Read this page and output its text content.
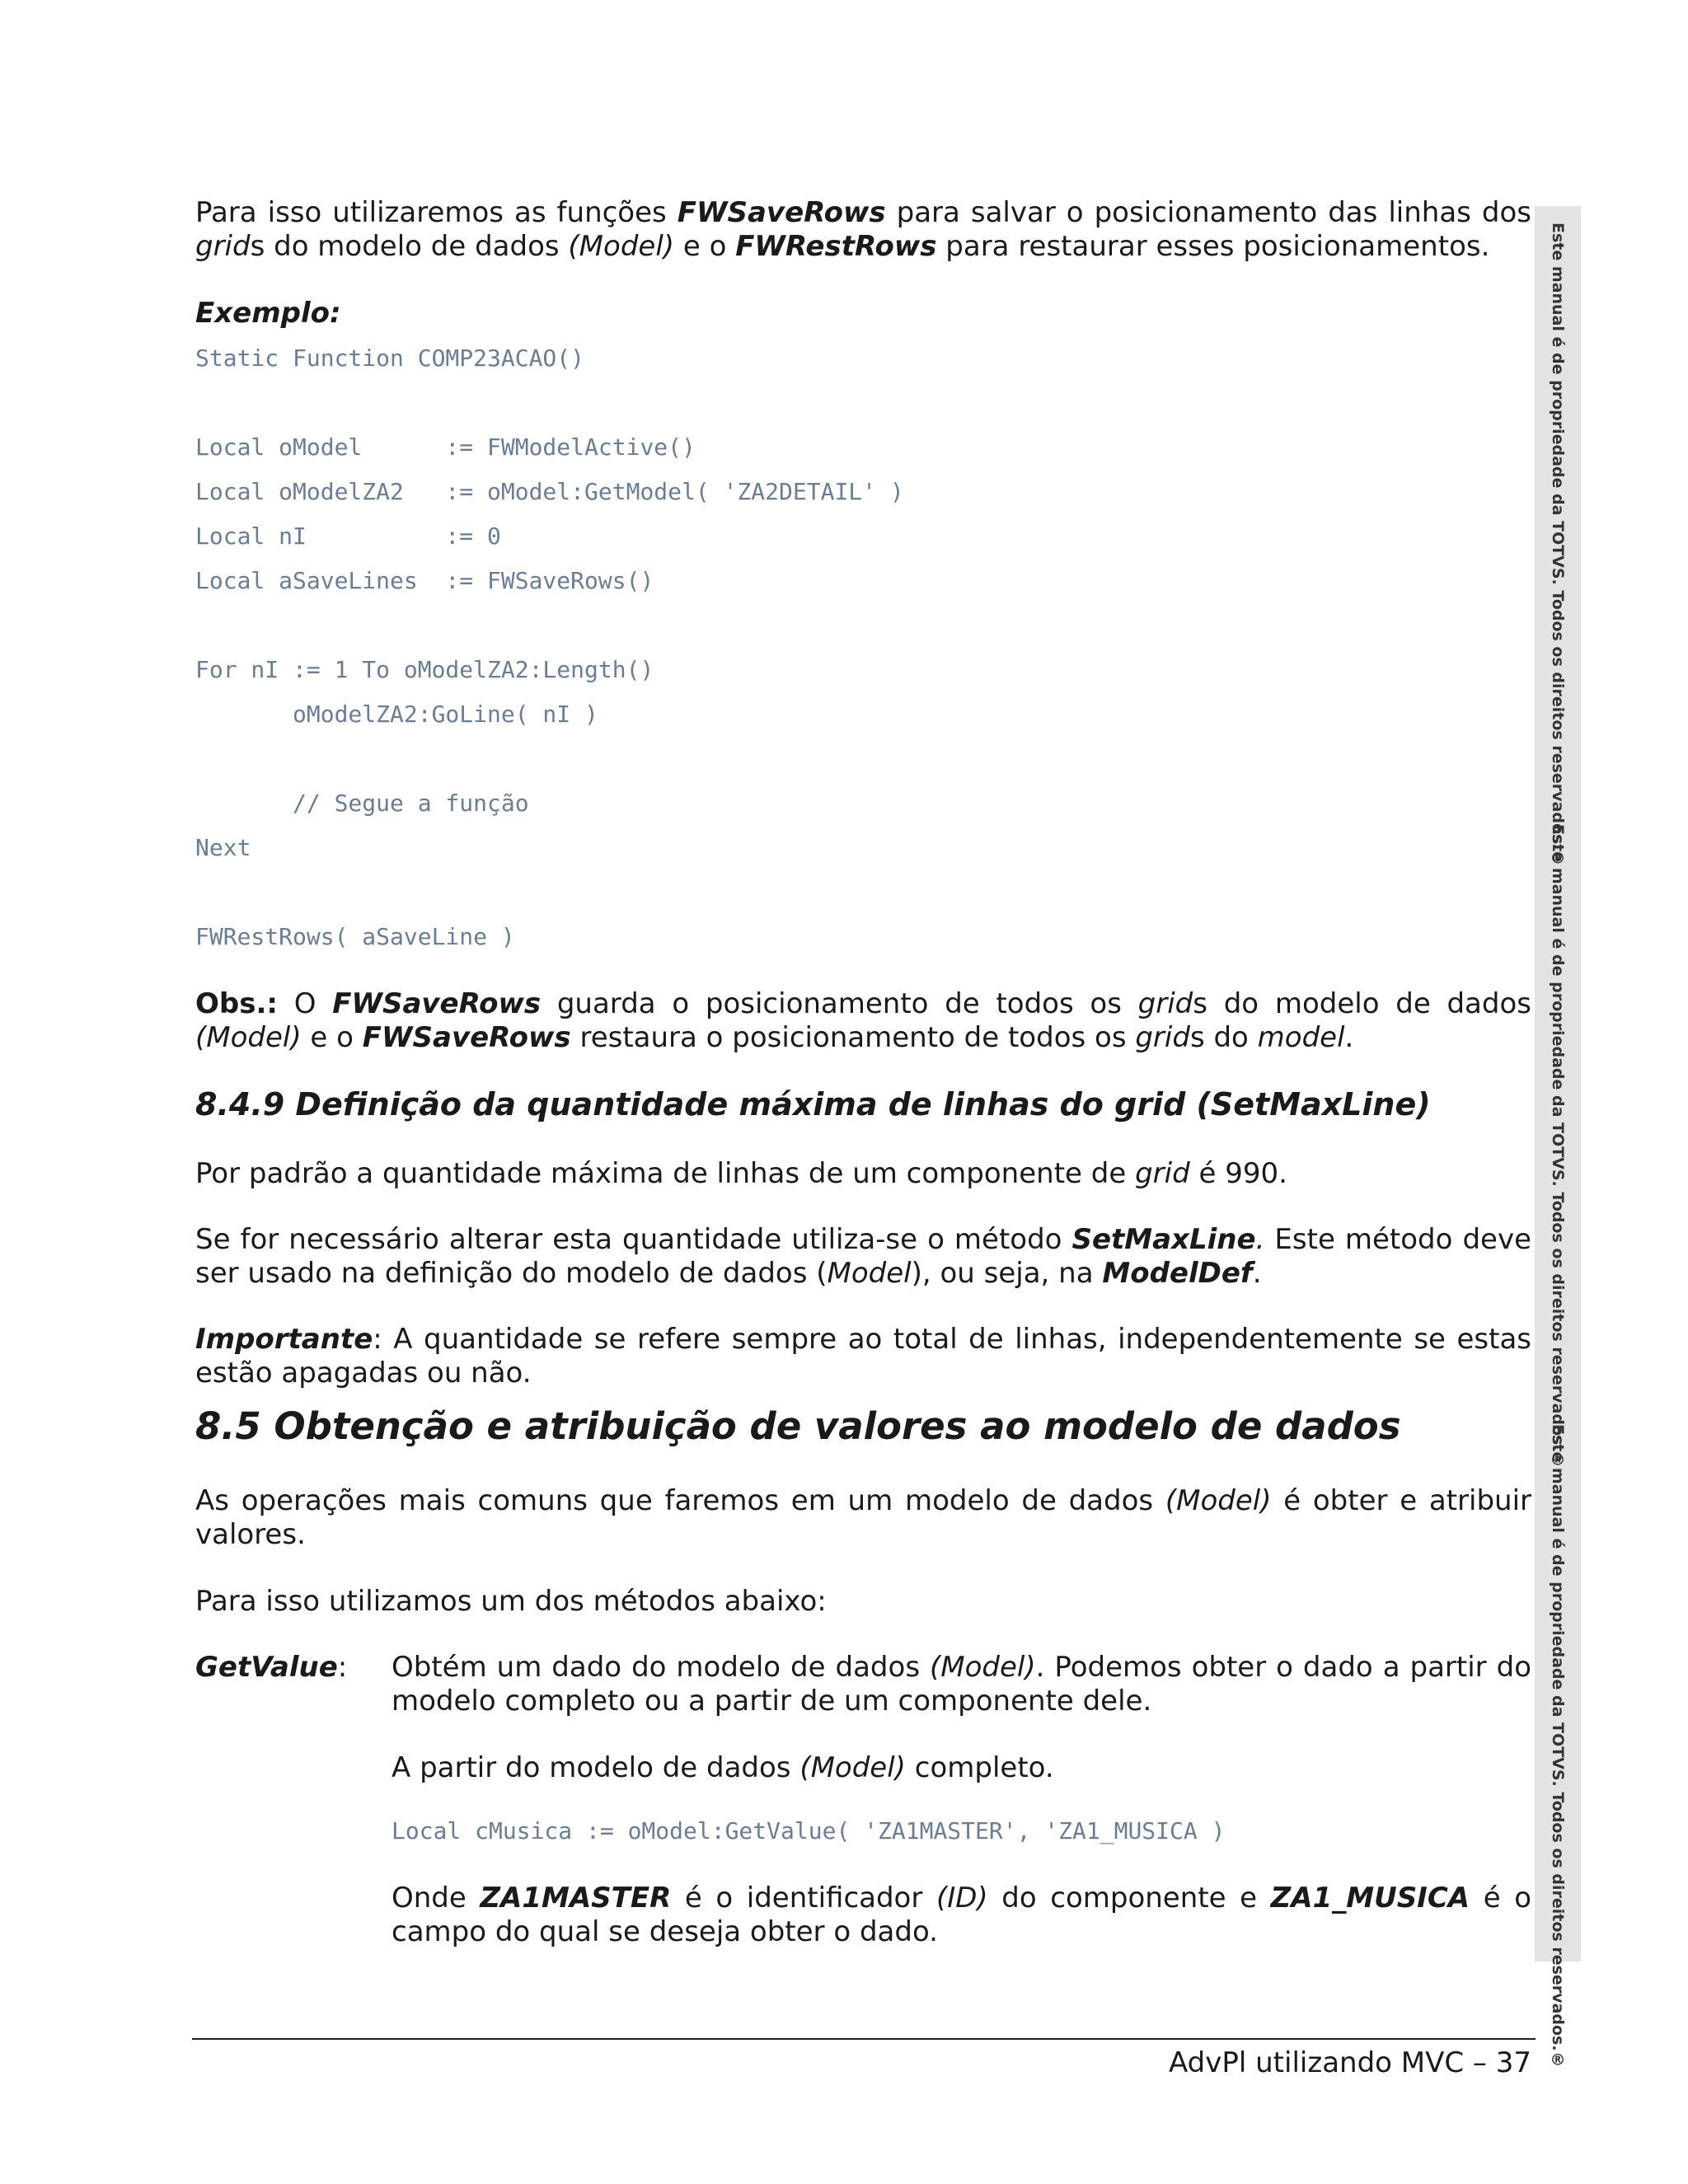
Para isso utilizaremos as funções FWSaveRows para salvar o posicionamento das linhas dos grids do modelo de dados (Model) e o FWRestRows para restaurar esses posicionamentos.

Exemplo:

Static Function COMP23ACAO()
Local oModel      := FWModelActive()
Local oModelZA2   := oModel:GetModel( 'ZA2DETAIL' )
Local nI          := 0
Local aSaveLines  := FWSaveRows()
For nI := 1 To oModelZA2:Length()
oModelZA2:GoLine( nI )
// Segue a função
Next
FWRestRows( aSaveLine )

Obs.: O FWSaveRows guarda o posicionamento de todos os grids do modelo de dados (Model) e o FWSaveRows restaura o posicionamento de todos os grids do model.

8.4.9 Definição da quantidade máxima de linhas do grid (SetMaxLine)

Por padrão a quantidade máxima de linhas de um componente de grid é 990.

Se for necessário alterar esta quantidade utiliza-se o método SetMaxLine. Este método deve ser usado na definição do modelo de dados (Model), ou seja, na ModelDef.

Importante: A quantidade se refere sempre ao total de linhas, independentemente se estas estão apagadas ou não.

8.5 Obtenção e atribuição de valores ao modelo de dados

As operações mais comuns que faremos em um modelo de dados (Model) é obter e atribuir valores.

Para isso utilizamos um dos métodos abaixo:

GetValue: Obtém um dado do modelo de dados (Model). Podemos obter o dado a partir do modelo completo ou a partir de um componente dele.

A partir do modelo de dados (Model) completo.

Local cMusica := oModel:GetValue( 'ZA1MASTER', 'ZA1_MUSICA )

Onde ZA1MASTER é o identificador (ID) do componente e ZA1_MUSICA é o campo do qual se deseja obter o dado.

Este manual é de propriedade da TOTVS. Todos os direitos reservados.®
Este manual é de propriedade da TOTVS. Todos os direitos reservados.®
Este manual é de propriedade da TOTVS. Todos os direitos reservados.®
AdvPl utilizando MVC – 37
